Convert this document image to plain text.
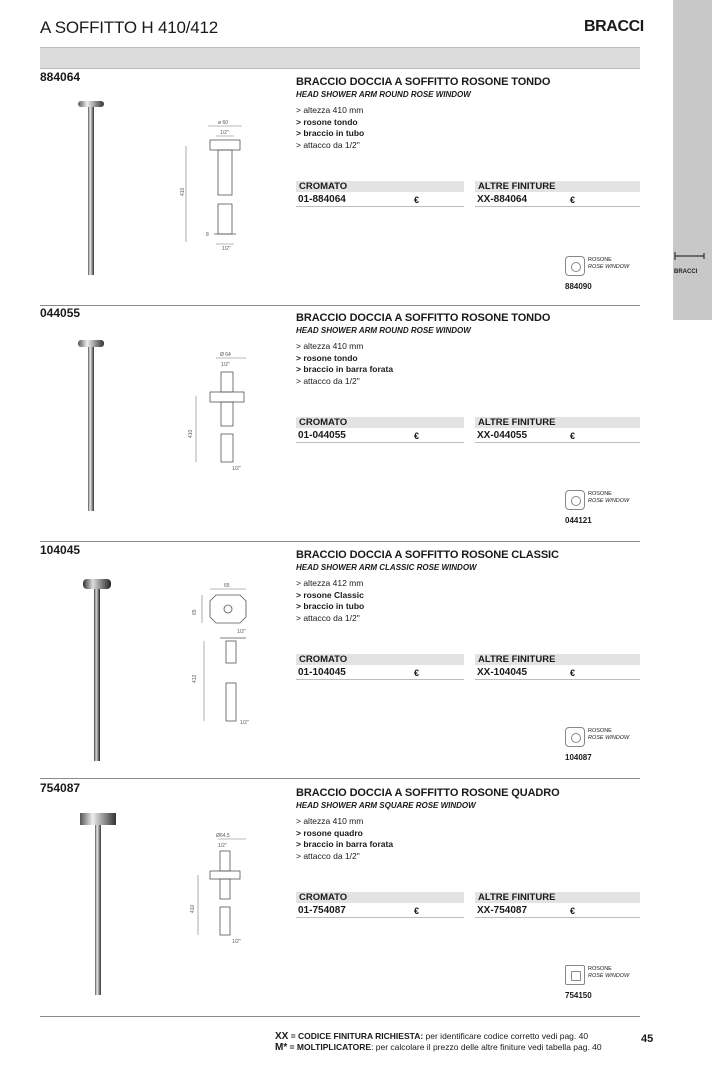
A SOFFITTO H 410/412	BRACCI
BRACCI
884064
ø 60
1/2"
410
8
1/2"
BRACCIO DOCCIA A SOFFITTO ROSONE TONDO
HEAD SHOWER ARM ROUND ROSE WINDOW
> altezza 410 mm
> rosone tondo
> braccio in tubo
> attacco da 1/2"
CROMATO
01-884064	€
ALTRE FINITURE
XX-884064	€
ROSONE
ROSE WINDOW
884090
044055
Ø 64
1/2"
410
1/2"
BRACCIO DOCCIA A SOFFITTO ROSONE TONDO
HEAD SHOWER ARM ROUND ROSE WINDOW
> altezza 410 mm
> rosone tondo
> braccio in barra forata
> attacco da 1/2"
CROMATO
01-044055	€
ALTRE FINITURE
XX-044055	€
ROSONE
ROSE WINDOW
044121
104045
65
65
1/2"
412
1/2"
BRACCIO DOCCIA A SOFFITTO ROSONE CLASSIC
HEAD SHOWER ARM CLASSIC ROSE WINDOW
> altezza 412 mm
> rosone Classic
> braccio in tubo
> attacco da 1/2"
CROMATO
01-104045	€
ALTRE FINITURE
XX-104045	€
ROSONE
ROSE WINDOW
104087
754087
Ø64,5
1/2"
410
1/2"
BRACCIO DOCCIA A SOFFITTO ROSONE QUADRO
HEAD SHOWER ARM SQUARE ROSE WINDOW
> altezza 410 mm
> rosone quadro
> braccio in barra forata
> attacco da 1/2"
CROMATO
01-754087	€
ALTRE FINITURE
XX-754087	€
ROSONE
ROSE WINDOW
754150
XX = CODICE FINITURA RICHIESTA: per identificare codice corretto vedi pag. 40
M* = MOLTIPLICATORE: per calcolare il prezzo delle altre finiture vedi tabella pag. 40
45
